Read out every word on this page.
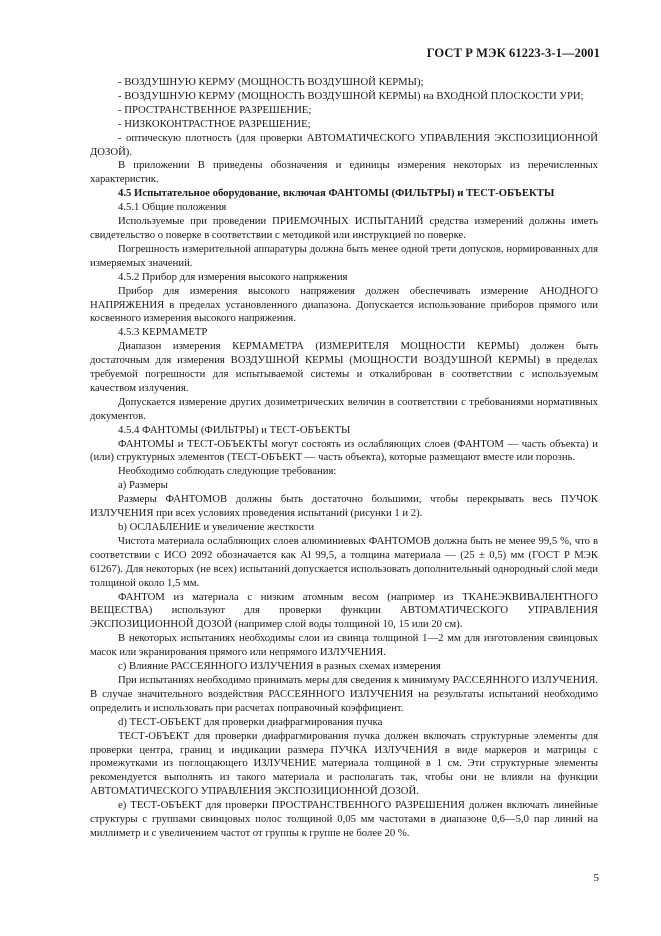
ГОСТ Р МЭК 61223-3-1—2001

- ВОЗДУШНУЮ КЕРМУ (МОЩНОСТЬ ВОЗДУШНОЙ КЕРМЫ);

- ВОЗДУШНУЮ КЕРМУ (МОЩНОСТЬ ВОЗДУШНОЙ КЕРМЫ) на ВХОДНОЙ ПЛОСКОСТИ УРИ;

- ПРОСТРАНСТВЕННОЕ РАЗРЕШЕНИЕ;

- НИЗКОКОНТРАСТНОЕ РАЗРЕШЕНИЕ;

- оптическую плотность (для проверки АВТОМАТИЧЕСКОГО УПРАВЛЕНИЯ ЭКСПОЗИЦИОННОЙ ДОЗОЙ).

В приложении В приведены обозначения и единицы измерения некоторых из перечисленных характеристик.

4.5 Испытательное оборудование, включая ФАНТОМЫ (ФИЛЬТРЫ) и ТЕСТ-ОБЪЕКТЫ

4.5.1 Общие положения

Используемые при проведении ПРИЕМОЧНЫХ ИСПЫТАНИЙ средства измерений должны иметь свидетельство о поверке в соответствии с методикой или инструкцией по поверке.

Погрешность измерительной аппаратуры должна быть менее одной трети допусков, нормированных для измеряемых значений.

4.5.2 Прибор для измерения высокого напряжения

Прибор для измерения высокого напряжения должен обеспечивать измерение АНОДНОГО НАПРЯЖЕНИЯ в пределах установленного диапазона. Допускается использование приборов прямого или косвенного измерения высокого напряжения.

4.5.3 КЕРМАМЕТР

Диапазон измерения КЕРМАМЕТРА (ИЗМЕРИТЕЛЯ МОЩНОСТИ КЕРМЫ) должен быть достаточным для измерения ВОЗДУШНОЙ КЕРМЫ (МОЩНОСТИ ВОЗДУШНОЙ КЕРМЫ) в пределах требуемой погрешности для испытываемой системы и откалиброван в соответствии с используемым качеством излучения.

Допускается измерение других дозиметрических величин в соответствии с требованиями нормативных документов.

4.5.4 ФАНТОМЫ (ФИЛЬТРЫ) и ТЕСТ-ОБЪЕКТЫ

ФАНТОМЫ и ТЕСТ-ОБЪЕКТЫ могут состоять из ослабляющих слоев (ФАНТОМ — часть объекта) и (или) структурных элементов (ТЕСТ-ОБЪЕКТ — часть объекта), которые размещают вместе или порознь.

Необходимо соблюдать следующие требования:

а) Размеры

Размеры ФАНТОМОВ должны быть достаточно большими, чтобы перекрывать весь ПУЧОК ИЗЛУЧЕНИЯ при всех условиях проведения испытаний (рисунки 1 и 2).

b) ОСЛАБЛЕНИЕ и увеличение жесткости

Чистота материала ослабляющих слоев алюминиевых ФАНТОМОВ должна быть не менее 99,5 %, что в соответствии с ИСО 2092 обозначается как Al 99,5, а толщина материала — (25 ± 0,5) мм (ГОСТ Р МЭК 61267). Для некоторых (не всех) испытаний допускается использовать дополнительный однородный слой меди толщиной около 1,5 мм.

ФАНТОМ из материала с низким атомным весом (например из ТКАНЕЭКВИВАЛЕНТНОГО ВЕЩЕСТВА) используют для проверки функции АВТОМАТИЧЕСКОГО УПРАВЛЕНИЯ ЭКСПОЗИЦИОННОЙ ДОЗОЙ (например слой воды толщиной 10, 15 или 20 см).

В некоторых испытаниях необходимы слои из свинца толщиной 1—2 мм для изготовления свинцовых масок или экранирования прямого или непрямого ИЗЛУЧЕНИЯ.

c) Влияние РАССЕЯННОГО ИЗЛУЧЕНИЯ в разных схемах измерения

При испытаниях необходимо принимать меры для сведения к минимуму РАССЕЯННОГО ИЗЛУЧЕНИЯ. В случае значительного воздействия РАССЕЯННОГО ИЗЛУЧЕНИЯ на результаты испытаний необходимо определить и использовать при расчетах поправочный коэффициент.

d) ТЕСТ-ОБЪЕКТ для проверки диафрагмирования пучка

ТЕСТ-ОБЪЕКТ для проверки диафрагмирования пучка должен включать структурные элементы для проверки центра, границ и индикации размера ПУЧКА ИЗЛУЧЕНИЯ в виде маркеров и матрицы с промежутками из поглощающего ИЗЛУЧЕНИЕ материала толщиной в 1 см. Эти структурные элементы рекомендуется выполнять из такого материала и располагать так, чтобы они не влияли на функции АВТОМАТИЧЕСКОГО УПРАВЛЕНИЯ ЭКСПОЗИЦИОННОЙ ДОЗОЙ.

e) ТЕСТ-ОБЪЕКТ для проверки ПРОСТРАНСТВЕННОГО РАЗРЕШЕНИЯ должен включать линейные структуры с группами свинцовых полос толщиной 0,05 мм частотами в диапазоне 0,6—5,0 пар линий на миллиметр и с увеличением частот от группы к группе не более 20 %.

5
